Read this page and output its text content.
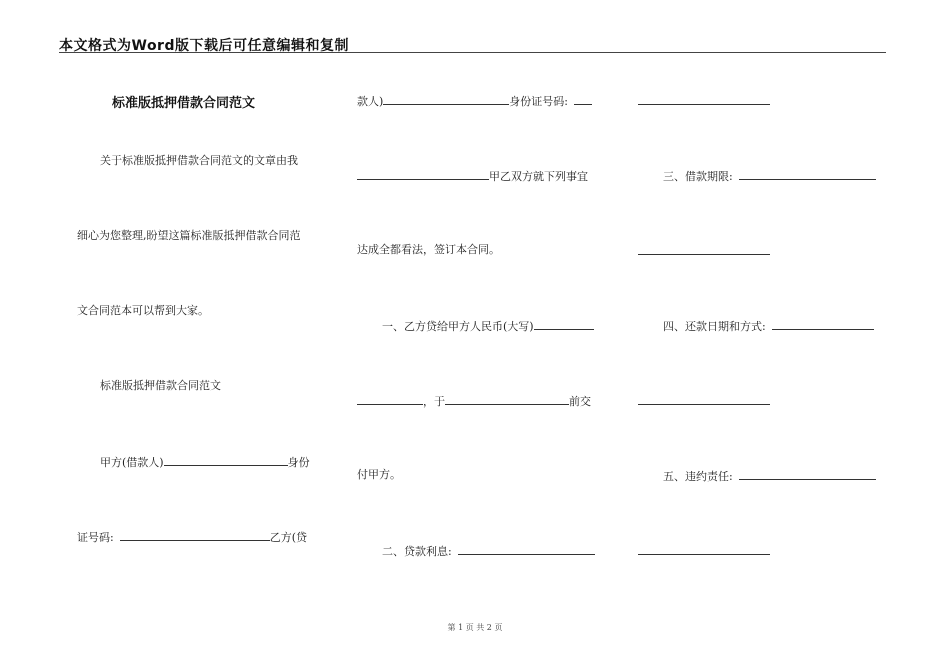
本文格式为Word版下载后可任意编辑和复制
标准版抵押借款合同范文
关于标准版抵押借款合同范文的文章由我
细心为您整理,盼望这篇标准版抵押借款合同范
文合同范本可以帮到大家。
标准版抵押借款合同范文
甲方(借款人)	身份
证号码:	乙方(贷
款人)	身份证号码:
甲乙双方就下列事宜
达成全都看法，签订本合同。
一、乙方贷给甲方人民币(大写)
，于	前交
付甲方。
二、贷款利息:
三、借款期限:
四、还款日期和方式:
五、违约责任:
第 1 页 共 2 页
